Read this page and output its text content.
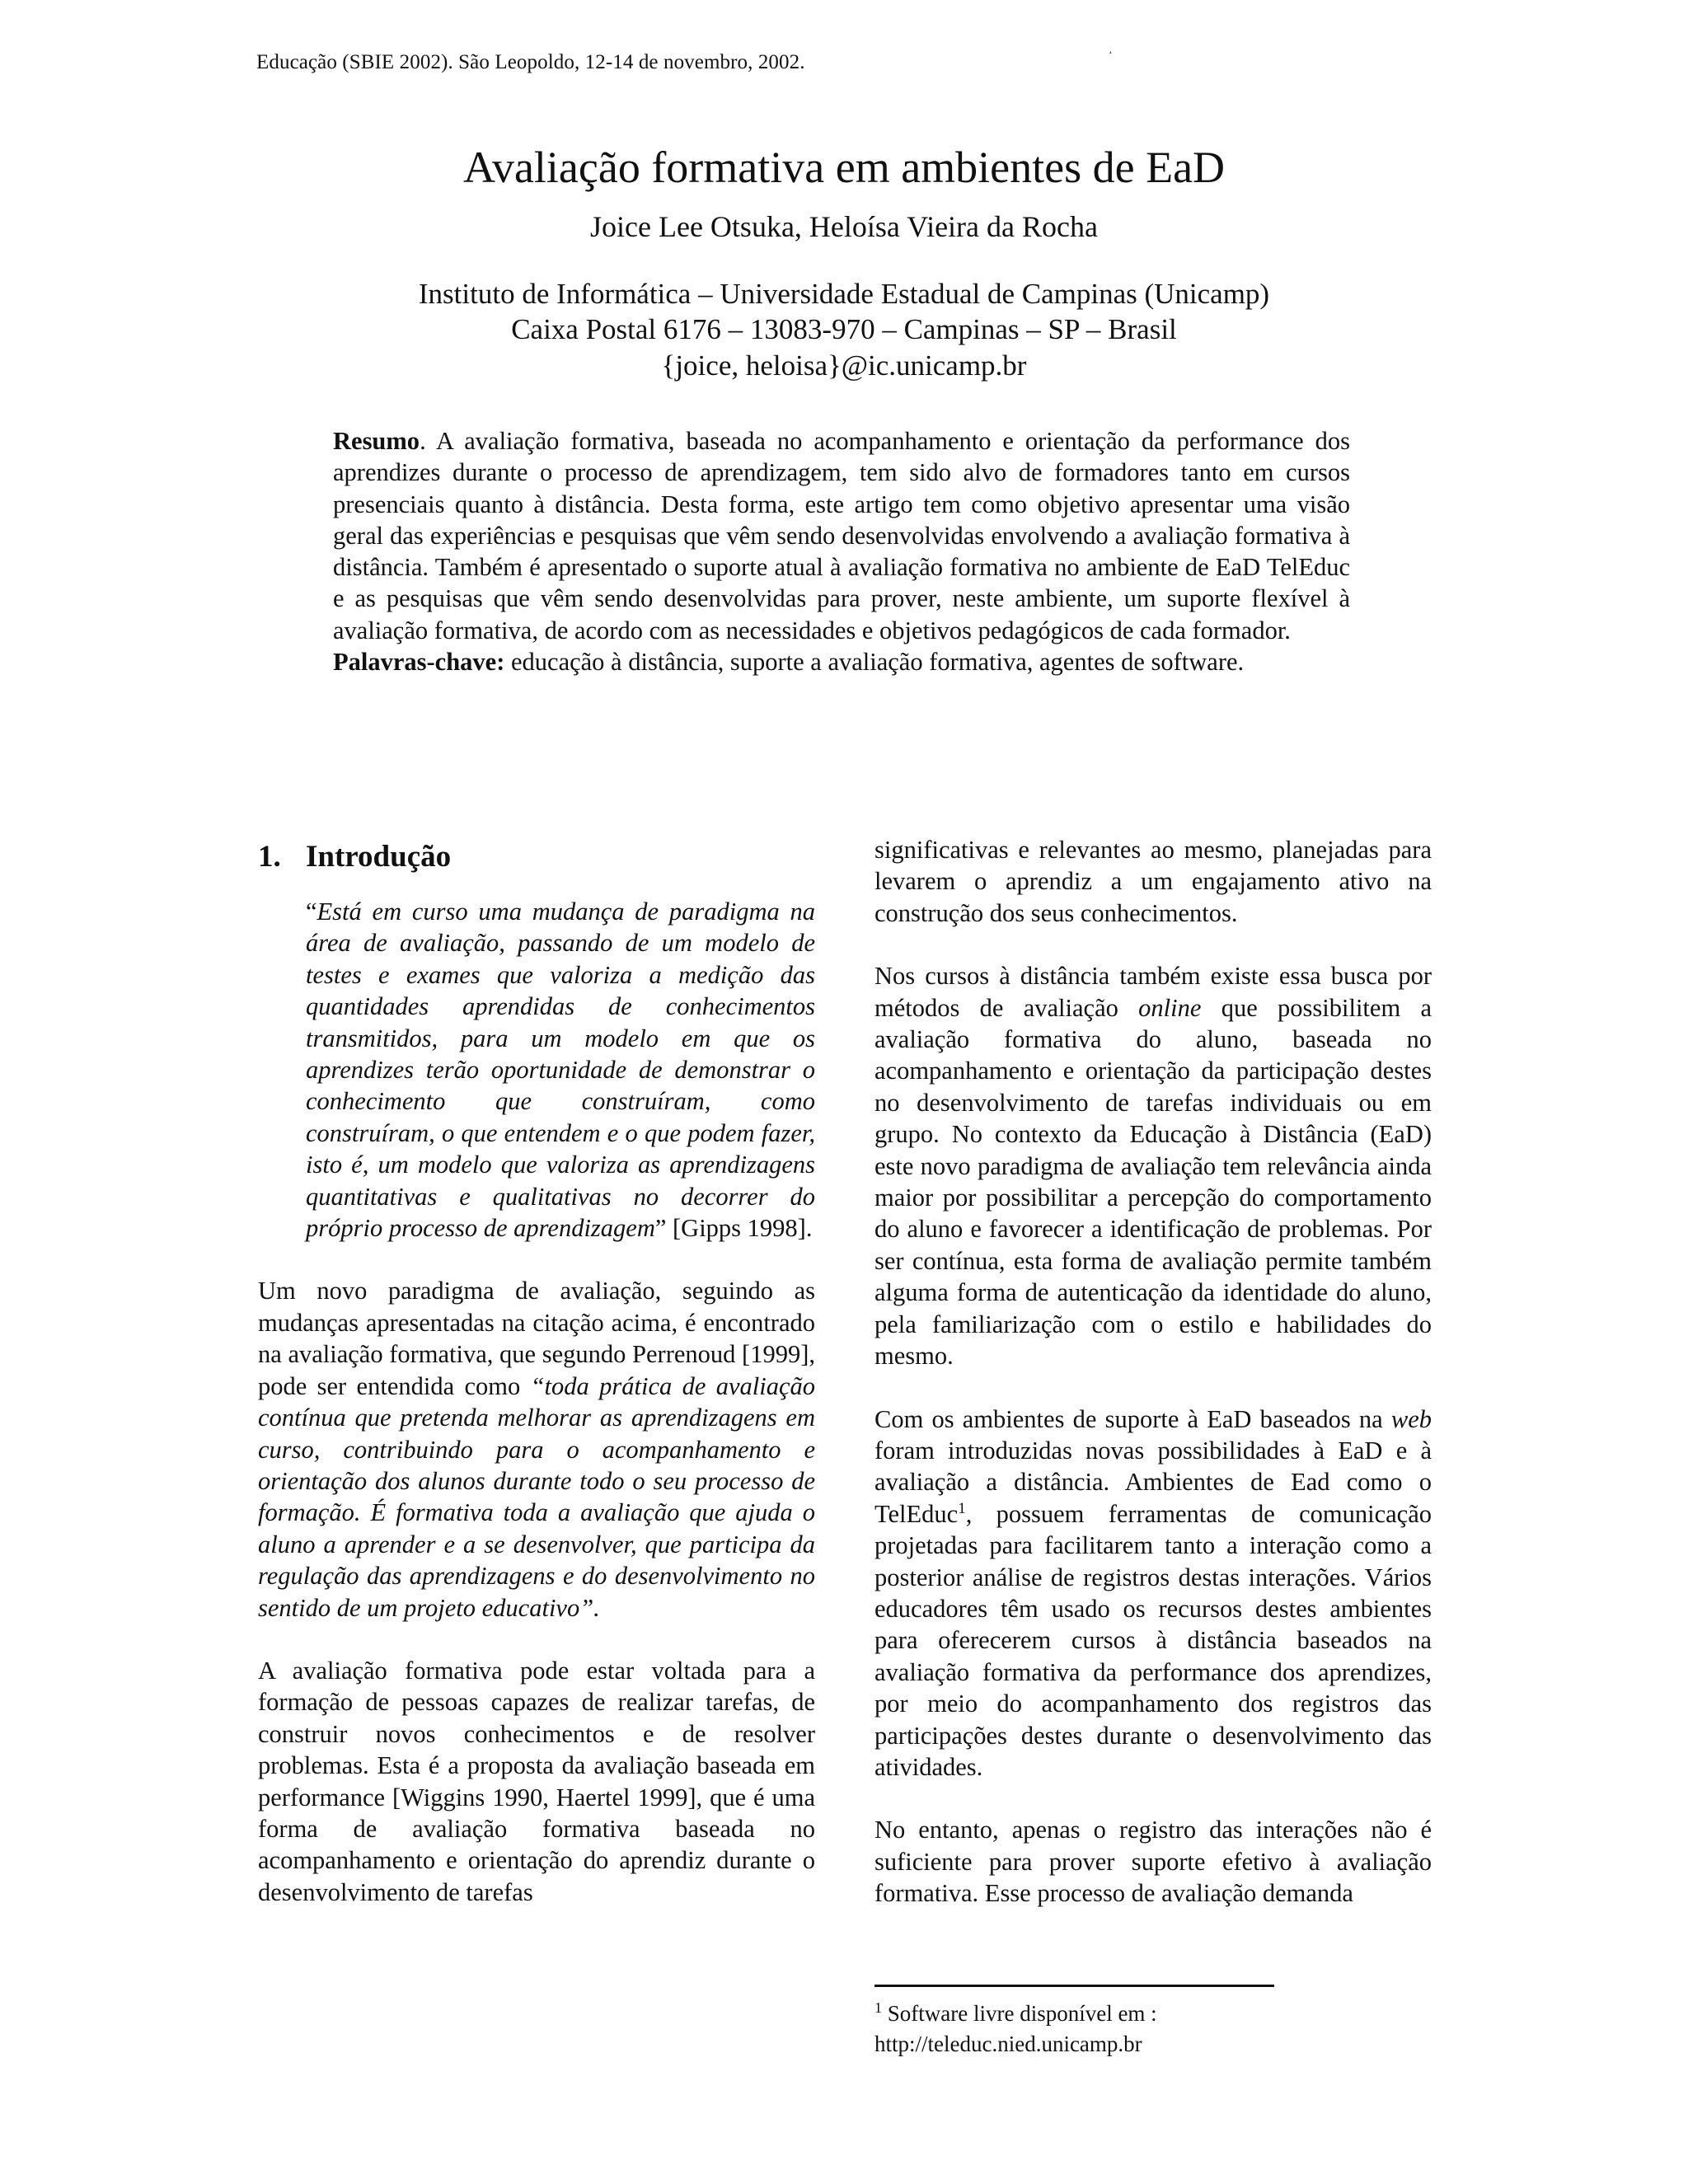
Educação (SBIE 2002). São Leopoldo, 12-14 de novembro, 2002.	˔
Avaliação formativa em ambientes de EaD
Joice Lee Otsuka, Heloísa Vieira da Rocha
Instituto de Informática – Universidade Estadual de Campinas (Unicamp)
Caixa Postal 6176 – 13083-970 – Campinas – SP – Brasil
{joice, heloisa}@ic.unicamp.br

Resumo. A avaliação formativa, baseada no acompanhamento e orientação da performance dos aprendizes durante o processo de aprendizagem, tem sido alvo de formadores tanto em cursos presenciais quanto à distância. Desta forma, este artigo tem como objetivo apresentar uma visão geral das experiências e pesquisas que vêm sendo desenvolvidas envolvendo a avaliação formativa à distância. Também é apresentado o suporte atual à avaliação formativa no ambiente de EaD TelEduc e as pesquisas que vêm sendo desenvolvidas para prover, neste ambiente, um suporte flexível à avaliação formativa, de acordo com as necessidades e objetivos pedagógicos de cada formador.

Palavras-chave: educação à distância, suporte a avaliação formativa, agentes de software.

1. Introdução

“Está em curso uma mudança de paradigma na área de avaliação, passando de um modelo de testes e exames que valoriza a medição das quantidades aprendidas de conhecimentos transmitidos, para um modelo em que os aprendizes terão oportunidade de demonstrar o conhecimento que construíram, como construíram, o que entendem e o que podem fazer, isto é, um modelo que valoriza as aprendizagens quantitativas e qualitativas no decorrer do próprio processo de aprendizagem” [Gipps 1998].

Um novo paradigma de avaliação, seguindo as mudanças apresentadas na citação acima, é encontrado na avaliação formativa, que segundo Perrenoud [1999], pode ser entendida como “toda prática de avaliação contínua que pretenda melhorar as aprendizagens em curso, contribuindo para o acompanhamento e orientação dos alunos durante todo o seu processo de formação. É formativa toda a avaliação que ajuda o aluno a aprender e a se desenvolver, que participa da regulação das aprendizagens e do desenvolvimento no sentido de um projeto educativo”.

A avaliação formativa pode estar voltada para a formação de pessoas capazes de realizar tarefas, de construir novos conhecimentos e de resolver problemas. Esta é a proposta da avaliação baseada em performance [Wiggins 1990, Haertel 1999], que é uma forma de avaliação formativa baseada no acompanhamento e orientação do aprendiz durante o desenvolvimento de tarefas

significativas e relevantes ao mesmo, planejadas para levarem o aprendiz a um engajamento ativo na construção dos seus conhecimentos.

Nos cursos à distância também existe essa busca por métodos de avaliação online que possibilitem a avaliação formativa do aluno, baseada no acompanhamento e orientação da participação destes no desenvolvimento de tarefas individuais ou em grupo. No contexto da Educação à Distância (EaD) este novo paradigma de avaliação tem relevância ainda maior por possibilitar a percepção do comportamento do aluno e favorecer a identificação de problemas. Por ser contínua, esta forma de avaliação permite também alguma forma de autenticação da identidade do aluno, pela familiarização com o estilo e habilidades do mesmo.

Com os ambientes de suporte à EaD baseados na web foram introduzidas novas possibilidades à EaD e à avaliação a distância. Ambientes de Ead como o TelEduc$^1$, possuem ferramentas de comunicação projetadas para facilitarem tanto a interação como a posterior análise de registros destas interações. Vários educadores têm usado os recursos destes ambientes para oferecerem cursos à distância baseados na avaliação formativa da performance dos aprendizes, por meio do acompanhamento dos registros das participações destes durante o desenvolvimento das atividades.

No entanto, apenas o registro das interações não é suficiente para prover suporte efetivo à avaliação formativa. Esse processo de avaliação demanda

$^1$ Software livre disponível em :
http://teleduc.nied.unicamp.br
